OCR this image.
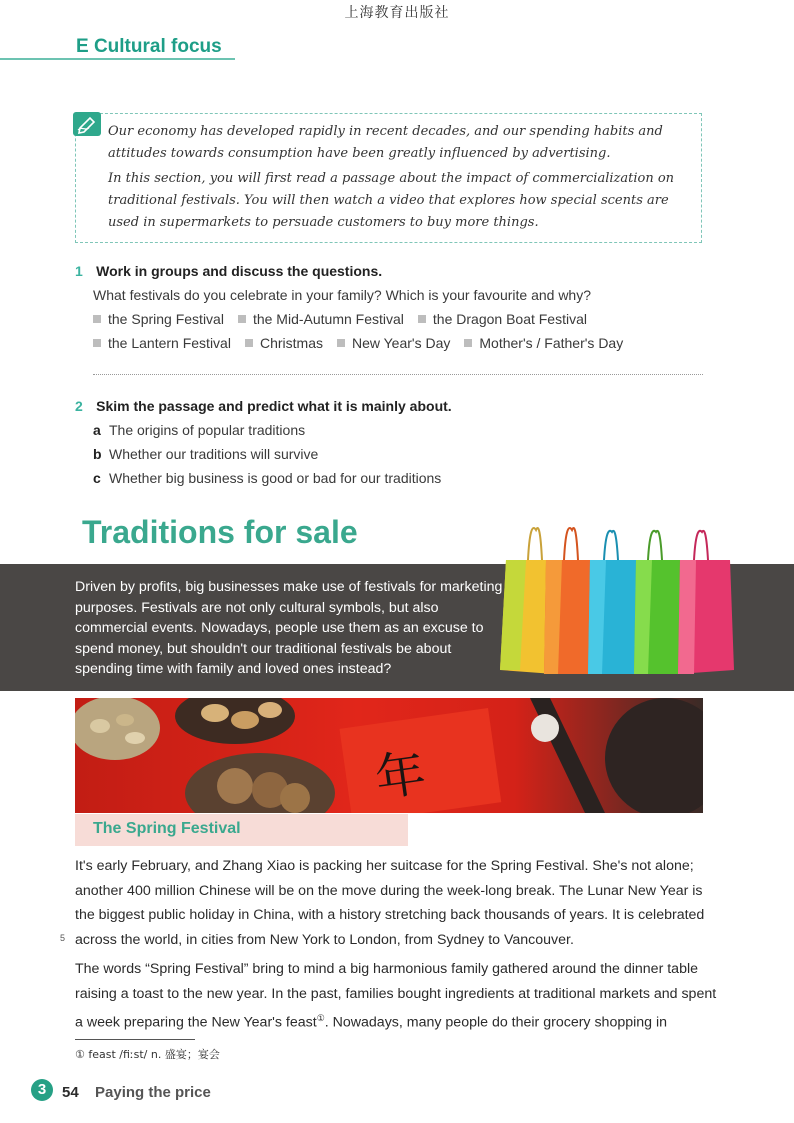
上海教育出版社
E Cultural focus

Our economy has developed rapidly in recent decades, and our spending habits and attitudes towards consumption have been greatly influenced by advertising.

In this section, you will first read a passage about the impact of commercialization on traditional festivals. You will then watch a video that explores how special scents are used in supermarkets to persuade customers to buy more things.

1 Work in groups and discuss the questions.
What festivals do you celebrate in your family? Which is your favourite and why?
the Spring Festival the Mid-Autumn Festival the Dragon Boat Festival
the Lantern Festival Christmas New Year's Day Mother's / Father's Day
2 Skim the passage and predict what it is mainly about.
a The origins of popular traditions
b Whether our traditions will survive
c Whether big business is good or bad for our traditions
Traditions for sale
Driven by profits, big businesses make use of festivals for marketing purposes. Festivals are not only cultural symbols, but also commercial events. Nowadays, people use them as an excuse to spend money, but shouldn't our traditional festivals be about spending time with family and loved ones instead?
年
The Spring Festival
It's early February, and Zhang Xiao is packing her suitcase for the Spring Festival. She's not alone; another 400 million Chinese will be on the move during the week-long break. The Lunar New Year is the biggest public holiday in China, with a history stretching back thousands of years. It is celebrated across the world, in cities from New York to London, from Sydney to Vancouver.
5
The words “Spring Festival” bring to mind a big harmonious family gathered around the dinner table raising a toast to the new year. In the past, families bought ingredients at traditional markets and spent a week preparing the New Year's feast①. Nowadays, many people do their grocery shopping in
① feast /fiːst/ n. 盛宴；宴会
3	54 Paying the price
